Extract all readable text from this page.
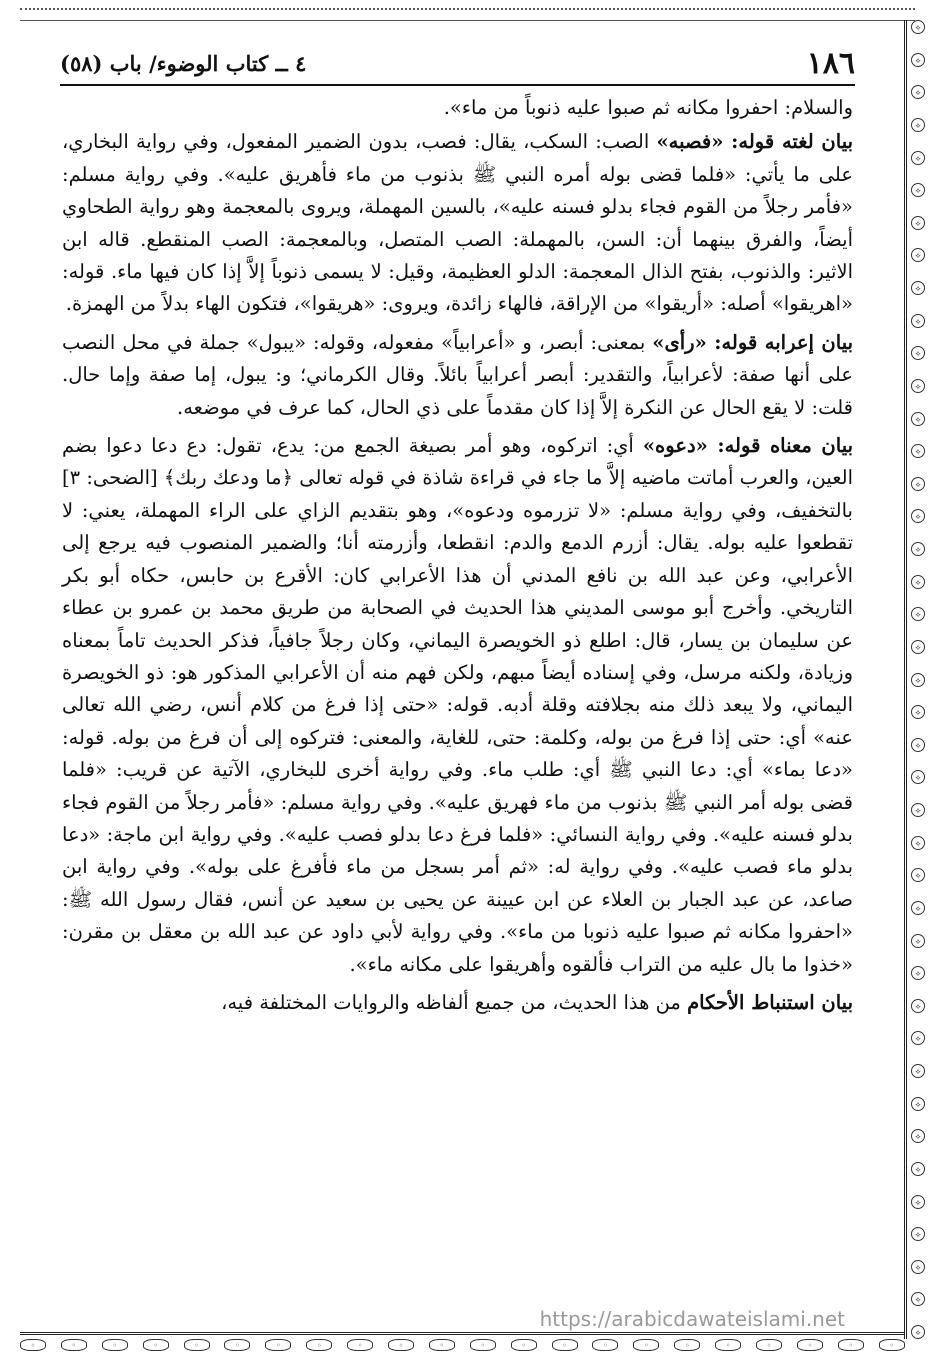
⟡
⟡
⟡
⟡
⟡
⟡
⟡
⟡
⟡
⟡
⟡
⟡
⟡
⟡
⟡
⟡
⟡
⟡
⟡
⟡
⟡
⟡
⟡
⟡
⟡
⟡
⟡
⟡
⟡
⟡
⟡
⟡
⟡
⟡
⟡
⟡
⟡
⟡
⟡
⟡
⟡
◦	◦	◦	◦	◦	◦	◦	◦	◦	◦	◦	◦	◦	◦	◦	◦	◦	◦	◦	◦	◦	◦
١٨٦
٤ ــ كتاب الوضوء/ باب (٥٨)

والسلام: احفروا مكانه ثم صبوا عليه ذنوباً من ماء».

بيان لغته قوله: «فصبه» الصب: السكب، يقال: فصب، بدون الضمير المفعول، وفي رواية البخاري، على ما يأتي: «فلما قضى بوله أمره النبي ﷺ بذنوب من ماء فأهريق عليه». وفي رواية مسلم: «فأمر رجلاً من القوم فجاء بدلو فسنه عليه»، بالسين المهملة، ويروى بالمعجمة وهو رواية الطحاوي أيضاً، والفرق بينهما أن: السن، بالمهملة: الصب المتصل، وبالمعجمة: الصب المنقطع. قاله ابن الاثير: والذنوب، بفتح الذال المعجمة: الدلو العظيمة، وقيل: لا يسمى ذنوباً إلاَّ إذا كان فيها ماء. قوله: «اهريقوا» أصله: «أريقوا» من الإراقة، فالهاء زائدة، ويروى: «هريقوا»، فتكون الهاء بدلاً من الهمزة.

بيان إعرابه قوله: «رأى» بمعنى: أبصر، و «أعرابياً» مفعوله، وقوله: «يبول» جملة في محل النصب على أنها صفة: لأعرابياً، والتقدير: أبصر أعرابياً بائلاً. وقال الكرماني؛ و: يبول، إما صفة وإما حال. قلت: لا يقع الحال عن النكرة إلاَّ إذا كان مقدماً على ذي الحال، كما عرف في موضعه.

بيان معناه قوله: «دعوه» أي: اتركوه، وهو أمر بصيغة الجمع من: يدع، تقول: دع دعا دعوا بضم العين، والعرب أماتت ماضيه إلاَّ ما جاء في قراءة شاذة في قوله تعالى ﴿ما ودعك ربك﴾ [الضحى: ٣] بالتخفيف، وفي رواية مسلم: «لا تزرموه ودعوه»، وهو بتقديم الزاي على الراء المهملة، يعني: لا تقطعوا عليه بوله. يقال: أزرم الدمع والدم: انقطعا، وأزرمته أنا؛ والضمير المنصوب فيه يرجع إلى الأعرابي، وعن عبد الله بن نافع المدني أن هذا الأعرابي كان: الأقرع بن حابس، حكاه أبو بكر التاريخي. وأخرج أبو موسى المديني هذا الحديث في الصحابة من طريق محمد بن عمرو بن عطاء عن سليمان بن يسار، قال: اطلع ذو الخويصرة اليماني، وكان رجلاً جافياً، فذكر الحديث تاماً بمعناه وزيادة، ولكنه مرسل، وفي إسناده أيضاً مبهم، ولكن فهم منه أن الأعرابي المذكور هو: ذو الخويصرة اليماني، ولا يبعد ذلك منه بجلافته وقلة أدبه. قوله: «حتى إذا فرغ من كلام أنس، رضي الله تعالى عنه» أي: حتى إذا فرغ من بوله، وكلمة: حتى، للغاية، والمعنى: فتركوه إلى أن فرغ من بوله. قوله: «دعا بماء» أي: دعا النبي ﷺ أي: طلب ماء. وفي رواية أخرى للبخاري، الآتية عن قريب: «فلما قضى بوله أمر النبي ﷺ بذنوب من ماء فهريق عليه». وفي رواية مسلم: «فأمر رجلاً من القوم فجاء بدلو فسنه عليه». وفي رواية النسائي: «فلما فرغ دعا بدلو فصب عليه». وفي رواية ابن ماجة: «دعا بدلو ماء فصب عليه». وفي رواية له: «ثم أمر بسجل من ماء فأفرغ على بوله». وفي رواية ابن صاعد، عن عبد الجبار بن العلاء عن ابن عيينة عن يحيى بن سعيد عن أنس، فقال رسول الله ﷺ: «احفروا مكانه ثم صبوا عليه ذنوبا من ماء». وفي رواية لأبي داود عن عبد الله بن معقل بن مقرن: «خذوا ما بال عليه من التراب فألقوه وأهريقوا على مكانه ماء».

بيان استنباط الأحكام من هذا الحديث، من جميع ألفاظه والروايات المختلفة فيه،

https://arabicdawateislami.net
